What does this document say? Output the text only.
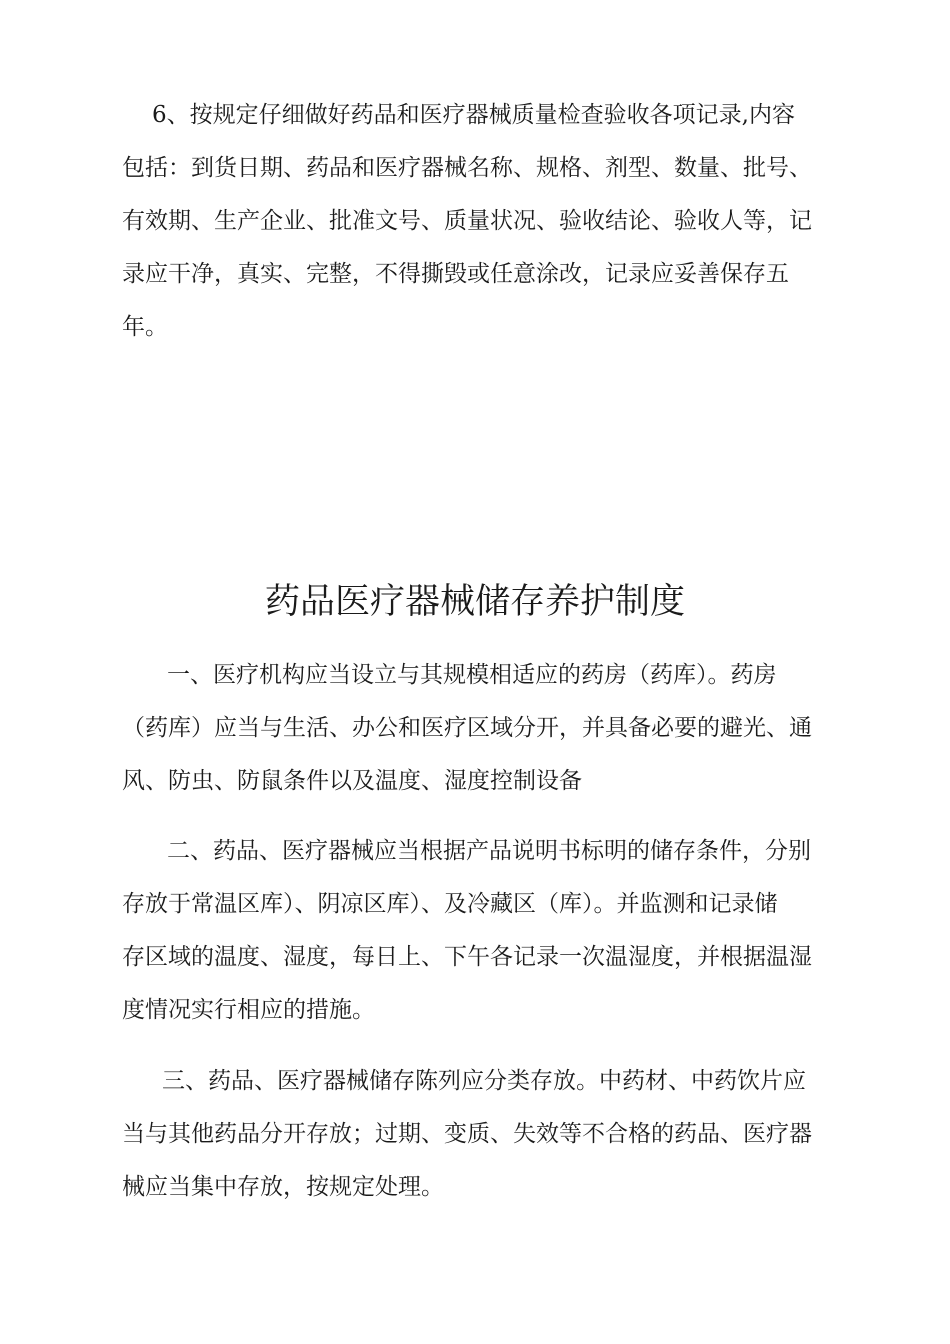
6、按规定仔细做好药品和医疗器械质量检查验收各项记录,内容
包括：到货日期、药品和医疗器械名称、规格、剂型、数量、批号、
有效期、生产企业、批准文号、质量状况、验收结论、验收人等，记
录应干净，真实、完整，不得撕毁或任意涂改，记录应妥善保存五
年。
药品医疗器械储存养护制度
一、医疗机构应当设立与其规模相适应的药房（药库）。药房
（药库）应当与生活、办公和医疗区域分开，并具备必要的避光、通
风、防虫、防鼠条件以及温度、湿度控制设备
二、药品、医疗器械应当根据产品说明书标明的储存条件，分别
存放于常温区库）、阴凉区库）、及冷藏区（库）。并监测和记录储
存区域的温度、湿度，每日上、下午各记录一次温湿度，并根据温湿
度情况实行相应的措施。
三、药品、医疗器械储存陈列应分类存放。中药材、中药饮片应
当与其他药品分开存放；过期、变质、失效等不合格的药品、医疗器
械应当集中存放，按规定处理。
